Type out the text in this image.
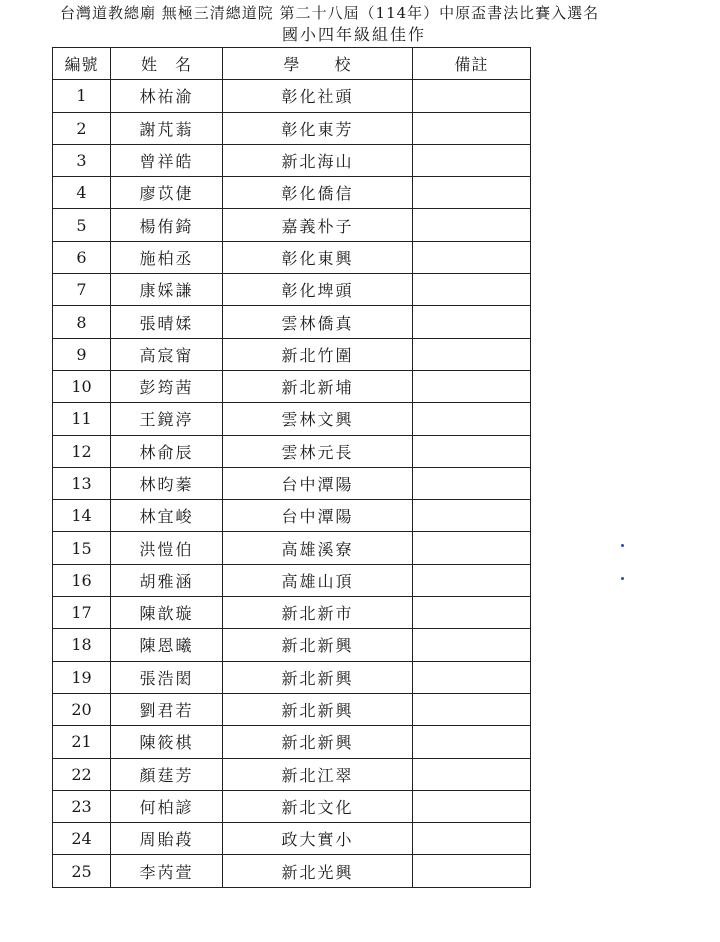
台灣道教總廟 無極三清總道院 第二十八屆（114年）中原盃書法比賽入選名
國小四年級組佳作
編號	姓　名	學　　校	備註
1	林祐渝	彰化社頭	
2	謝芃蓊	彰化東芳	
3	曾祥皓	新北海山	
4	廖苡倢	彰化僑信	
5	楊侑錡	嘉義朴子	
6	施柏丞	彰化東興	
7	康婇謙	彰化埤頭	
8	張晴媃	雲林僑真	
9	高宸甯	新北竹圍	
10	彭筠茜	新北新埔	
11	王鏡渟	雲林文興	
12	林俞辰	雲林元長	
13	林昀蓁	台中潭陽	
14	林宜峻	台中潭陽	
15	洪愷伯	高雄溪寮	
16	胡雅涵	高雄山頂	
17	陳歆璇	新北新市	
18	陳恩曦	新北新興	
19	張浩閎	新北新興	
20	劉君若	新北新興	
21	陳筱棋	新北新興	
22	顏莛芳	新北江翠	
23	何柏諺	新北文化	
24	周貽葮	政大實小	
25	李芮萱	新北光興	
